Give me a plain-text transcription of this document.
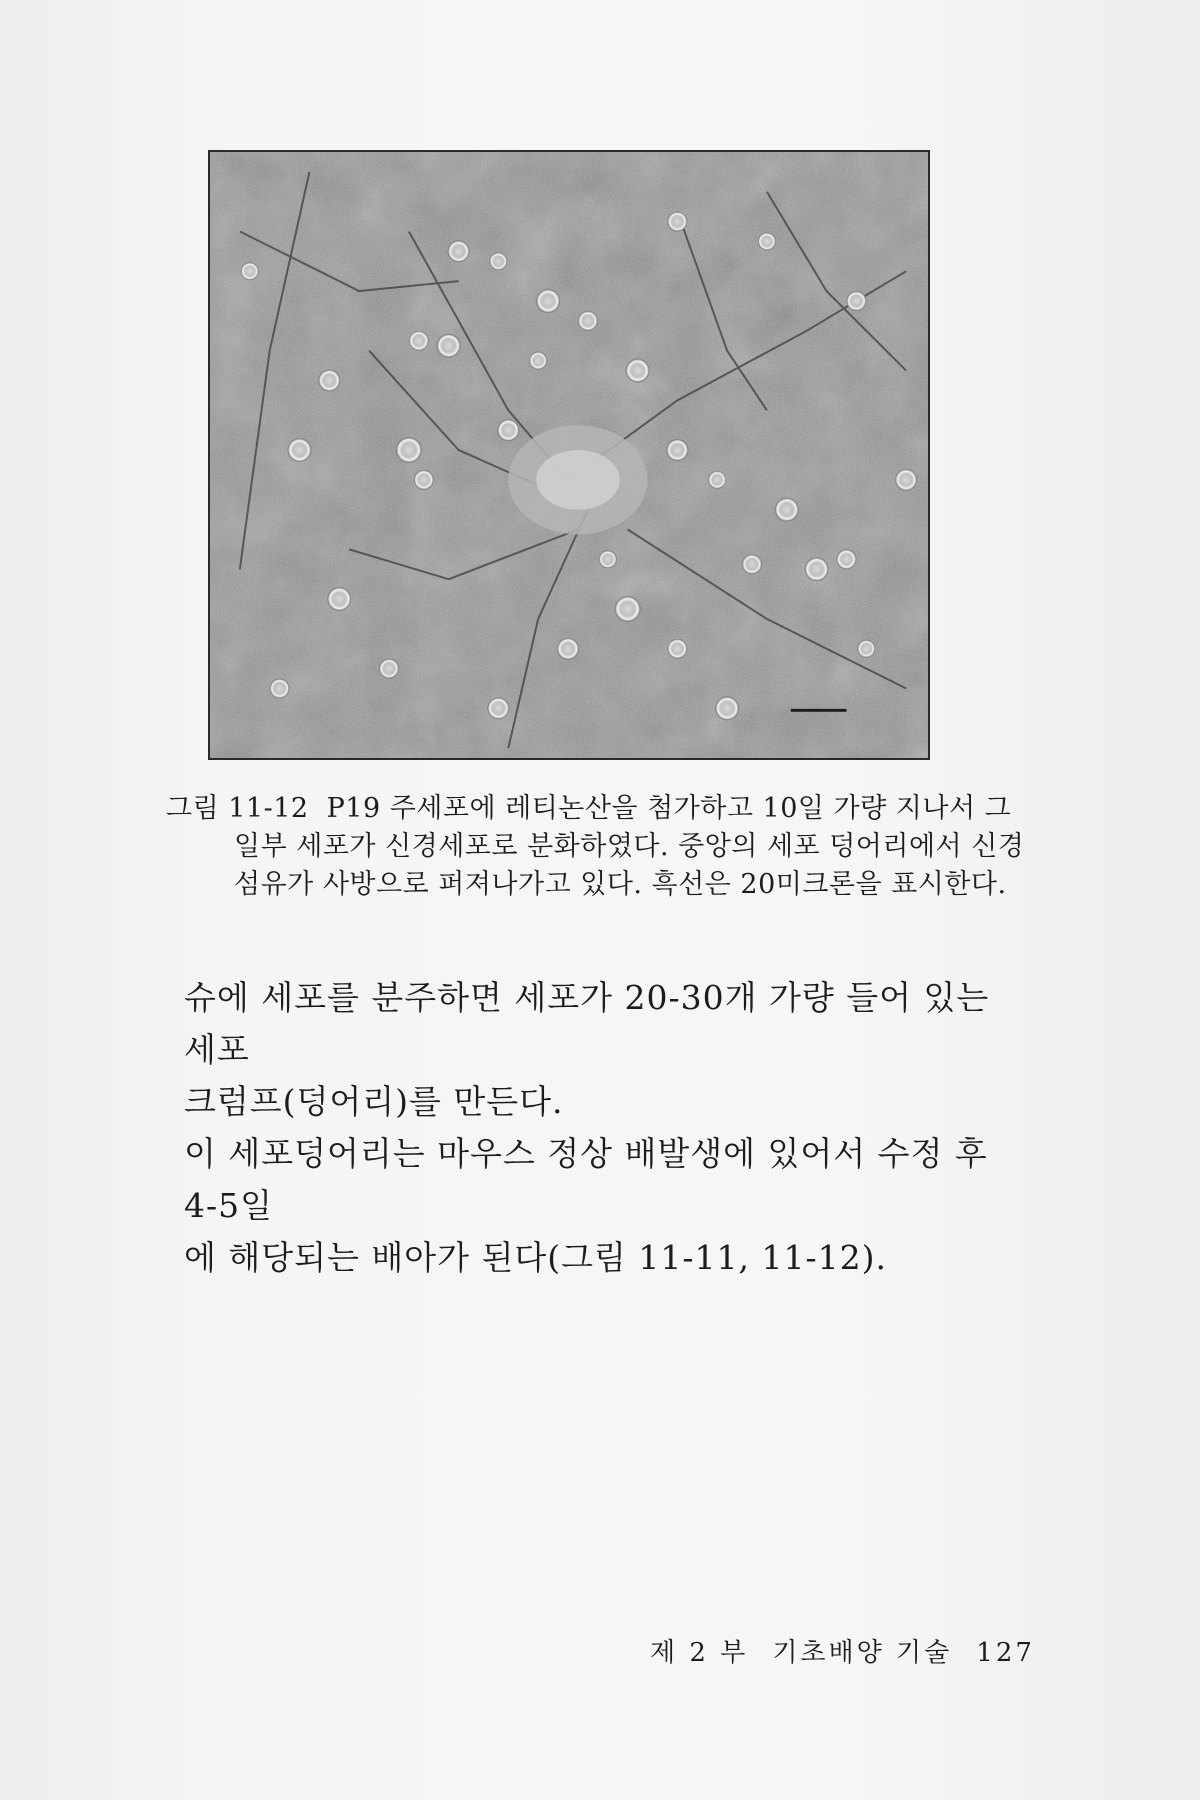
그림 11-12 P19 주세포에 레티논산을 첨가하고 10일 가량 지나서 그
일부 세포가 신경세포로 분화하였다. 중앙의 세포 덩어리에서 신경
섬유가 사방으로 퍼져나가고 있다. 흑선은 20미크론을 표시한다.

슈에 세포를 분주하면 세포가 20-30개 가량 들어 있는 세포
크럼프(덩어리)를 만든다.

이 세포덩어리는 마우스 정상 배발생에 있어서 수정 후 4-5일
에 해당되는 배아가 된다(그림 11-11, 11-12).

제 2 부 기초배양 기술 127
